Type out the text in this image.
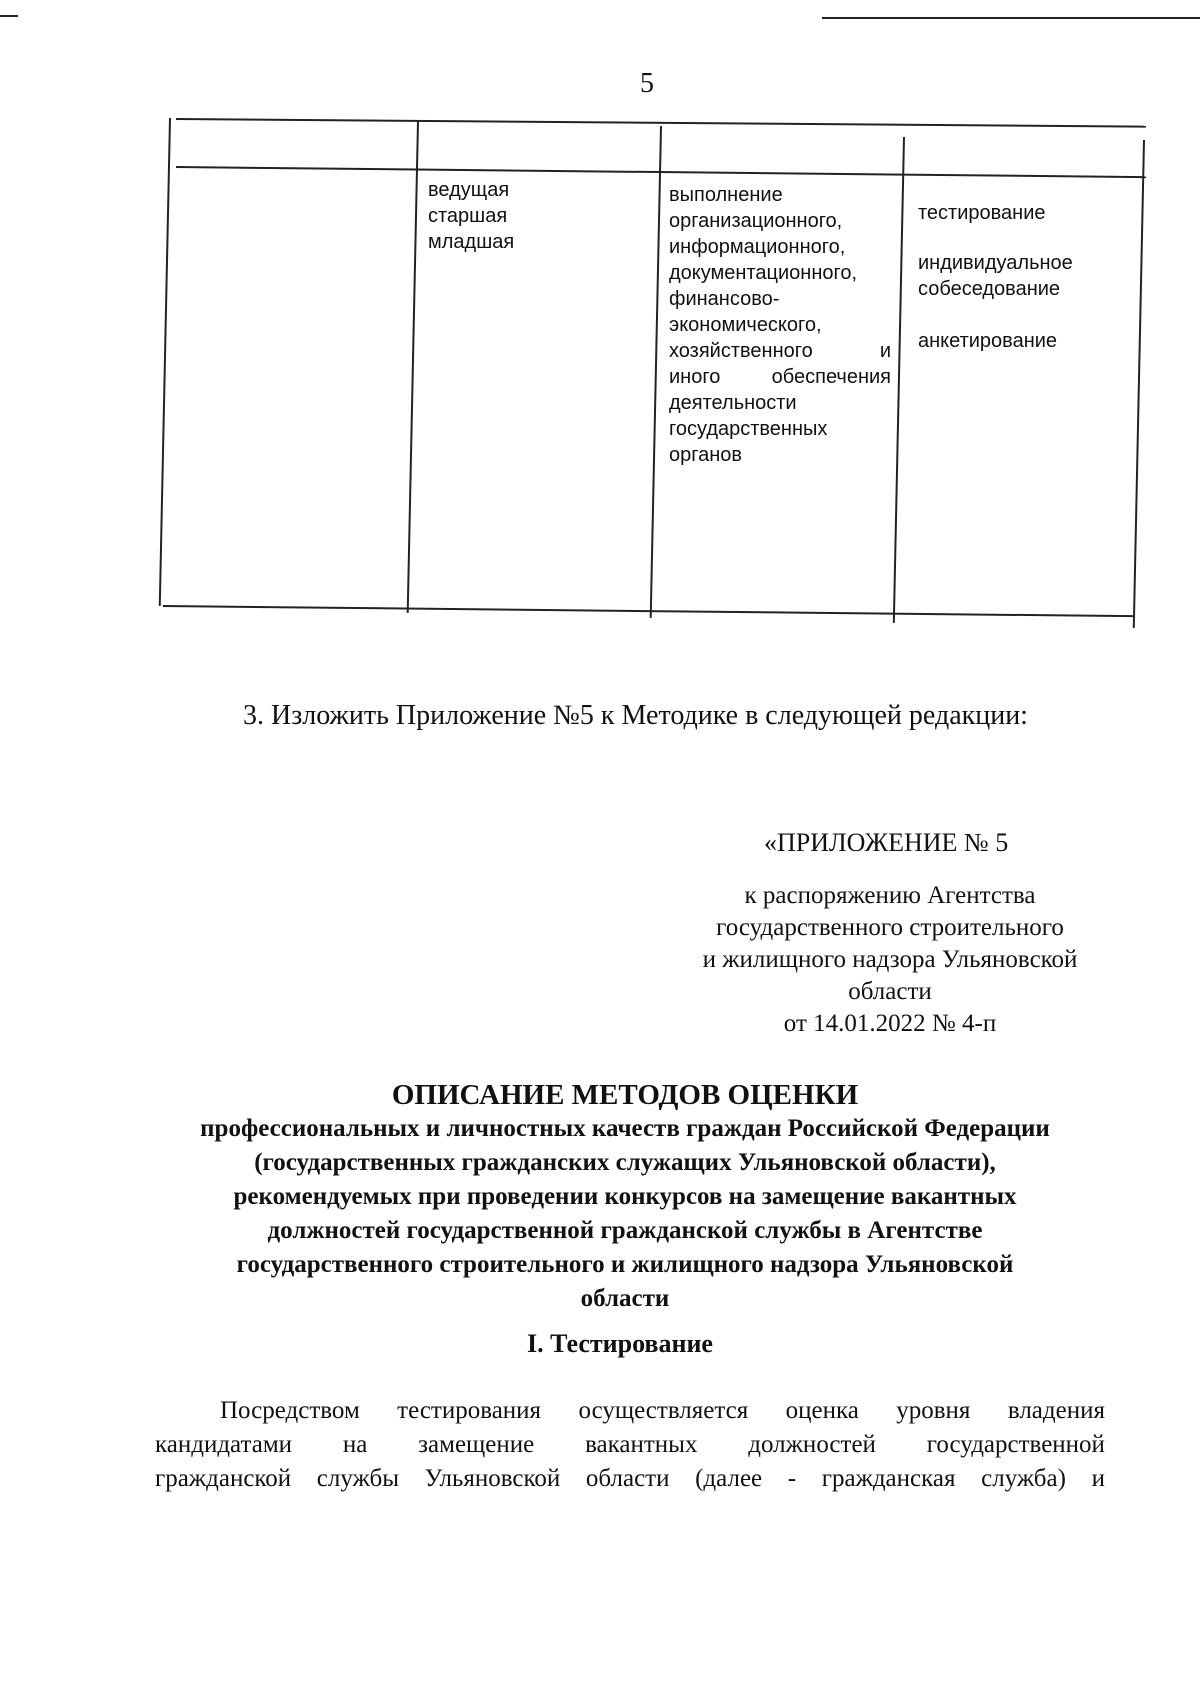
5
ведущая
старшая
младшая
выполнение
организационного,
информационного,
документационного,
финансово-
экономического,
хозяйственного	и
иного	обеспечения
деятельности
государственных
органов
тестирование
индивидуальное
собеседование
анкетирование
3. Изложить Приложение №5 к Методике в следующей редакции:
«ПРИЛОЖЕНИЕ № 5
к распоряжению Агентства
государственного строительного
и жилищного надзора Ульяновской
области
от 14.01.2022 № 4-п
ОПИСАНИЕ МЕТОДОВ ОЦЕНКИ
профессиональных и личностных качеств граждан Российской Федерации
(государственных гражданских служащих Ульяновской области),
рекомендуемых при проведении конкурсов на замещение вакантных
должностей государственной гражданской службы в Агентстве
государственного строительного и жилищного надзора Ульяновской
области
I. Тестирование
Посредством тестирования осуществляется оценка уровня владения
кандидатами на замещение вакантных должностей государственной
гражданской службы Ульяновской области (далее - гражданская служба) и
